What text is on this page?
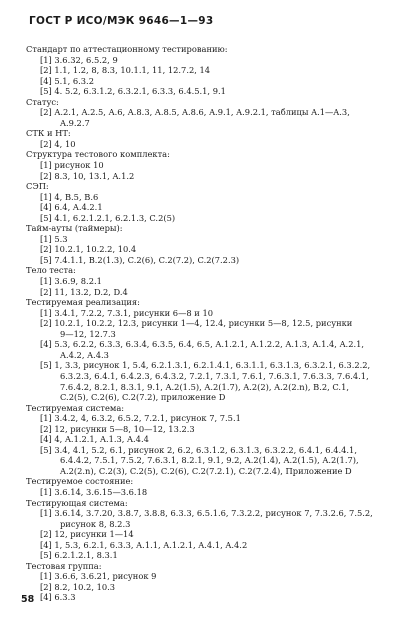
ГОСТ Р ИСО/МЭК 9646—1—93
Стандарт по аттестационному тестированию:
[1] 3.6.32, 6.5.2, 9
[2] 1.1, 1.2, 8, 8.3, 10.1.1, 11, 12.7.2, 14
[4] 5.1, 6.3.2
[5] 4. 5.2, 6.3.1.2, 6.3.2.1, 6.3.3, 6.4.5.1, 9.1
Статус:
[2] A.2.1, A.2.5, A.6, A.8.3, A.8.5, A.8.6, A.9.1, A.9.2.1, таблицы A.1—A.3,
A.9.2.7
СТК и НТ:
[2] 4, 10
Структура тестового комплекта:
[1] рисунок 10
[2] 8.3, 10, 13.1, A.1.2
СЭП:
[1] 4, B.5, B.6
[4] 6.4, A.4.2.1
[5] 4.1, 6.2.1.2.1, 6.2.1.3, C.2(5)
Тайм-ауты (таймеры):
[1] 5.3
[2] 10.2.1, 10.2.2, 10.4
[5] 7.4.1.1, B.2(1.3), C.2(6), C.2(7.2), C.2(7.2.3)
Тело теста:
[1] 3.6.9, 8.2.1
[2] 11, 13.2, D.2, D.4
Тестируемая реализация:
[1] 3.4.1, 7.2.2, 7.3.1, рисунки 6—8 и 10
[2] 10.2.1, 10.2.2, 12.3, рисунки 1—4, 12.4, рисунки 5—8, 12.5, рисунки
9—12, 12.7.3
[4] 5.3, 6.2.2, 6.3.3, 6.3.4, 6.3.5, 6.4, 6.5, A.1.2.1, A.1.2.2, A.1.3, A.1.4, A.2.1,
A.4.2, A.4.3
[5] 1, 3.3, рисунок 1, 5.4, 6.2.1.3.1, 6.2.1.4.1, 6.3.1.1, 6.3.1.3, 6.3.2.1, 6.3.2.2,
6.3.2.3, 6.4.1, 6.4.2.3, 6.4.3.2, 7.2.1, 7.3.1, 7.6.1, 7.6.3.1, 7.6.3.3, 7.6.4.1,
7.6.4.2, 8.2.1, 8.3.1, 9.1, A.2(1.5), A.2(1.7), A.2(2), A.2(2.n), B.2, C.1,
C.2(5), C.2(6), C.2(7.2), приложение D
Тестируемая система:
[1] 3.4.2, 4, 6.3.2, 6.5.2, 7.2.1, рисунок 7, 7.5.1
[2] 12, рисунки 5—8, 10—12, 13.2.3
[4] 4, A.1.2.1, A.1.3, A.4.4
[5] 3.4, 4.1, 5.2, 6.1, рисунок 2, 6.2, 6.3.1.2, 6.3.1.3, 6.3.2.2, 6.4.1, 6.4.4.1,
6.4.4.2, 7.5.1, 7.5.2, 7.6.3.1, 8.2.1, 9.1, 9.2, A.2(1.4), A.2(1.5), A.2(1.7),
A.2(2.n), C.2(3), C.2(5), C.2(6), C.2(7.2.1), C.2(7.2.4), Приложение D
Тестируемое состояние:
[1] 3.6.14, 3.6.15—3.6.18
Тестирующая система:
[1] 3.6.14, 3.7.20, 3.8.7, 3.8.8, 6.3.3, 6.5.1.6, 7.3.2.2, рисунок 7, 7.3.2.6, 7.5.2,
рисунок 8, 8.2.3
[2] 12, рисунки 1—14
[4] 1, 5.3, 6.2.1, 6.3.3, A.1.1, A.1.2.1, A.4.1, A.4.2
[5] 6.2.1.2.1, 8.3.1
Тестовая группа:
[1] 3.6.6, 3.6.21, рисунок 9
[2] 8.2, 10.2, 10.3
[4] 6.3.3
58
